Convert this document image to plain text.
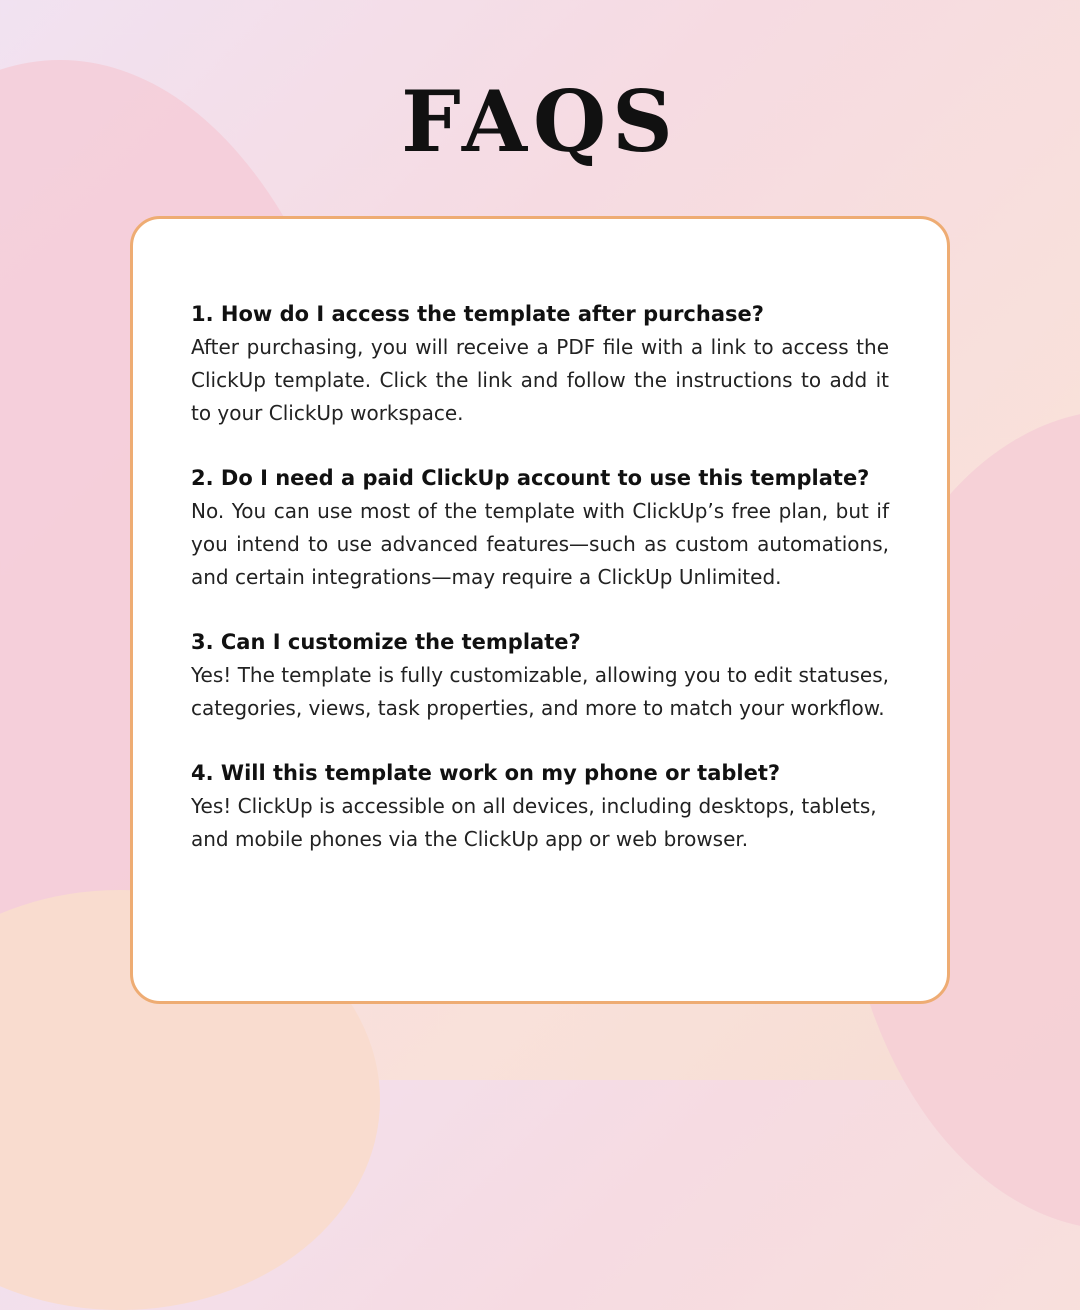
FAQS

1. How do I access the template after purchase?

After purchasing, you will receive a PDF file with a link to access the ClickUp template. Click the link and follow the instructions to add it to your ClickUp workspace.

2. Do I need a paid ClickUp account to use this template?

No. You can use most of the template with ClickUp’s free plan, but if you intend to use advanced features—such as custom automations, and certain integrations—may require a ClickUp Unlimited.

3. Can I customize the template?

Yes! The template is fully customizable, allowing you to edit statuses, categories, views, task properties, and more to match your workflow.

4. Will this template work on my phone or tablet?

Yes! ClickUp is accessible on all devices, including desktops, tablets, and mobile phones via the ClickUp app or web browser.
